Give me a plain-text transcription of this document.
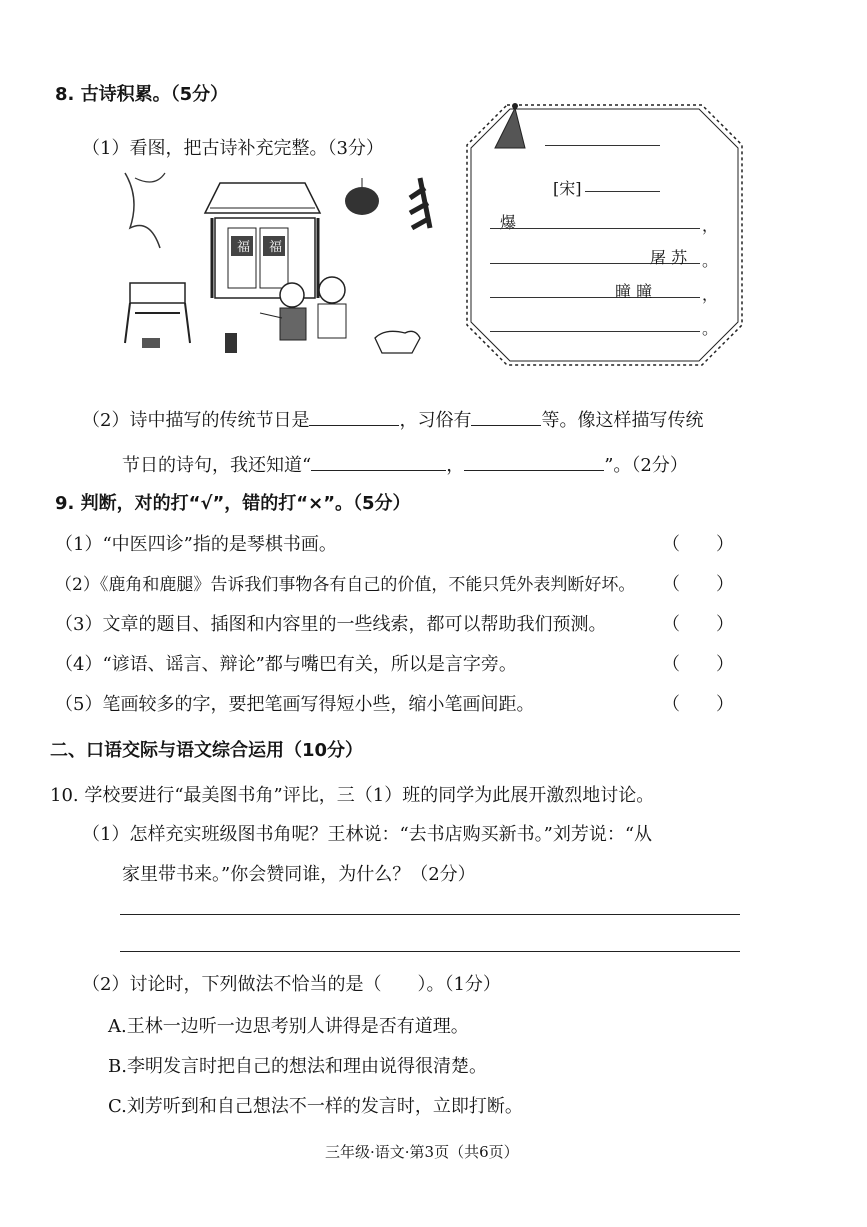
8. 古诗积累。（5分）
（1）看图，把古诗补充完整。（3分）
福 福
[宋]
爆	，
屠 苏 。
曈 曈	，
。
（2）诗中描写的传统节日是	，习俗有	等。像这样描写传统
节日的诗句，我还知道“	，	”。（2分）
9. 判断，对的打“√”，错的打“×”。（5分）
（1）“中医四诊”指的是琴棋书画。	（　　）
（2）《鹿角和鹿腿》告诉我们事物各有自己的价值，不能只凭外表判断好坏。 （　　）
（3）文章的题目、插图和内容里的一些线索，都可以帮助我们预测。	（　　）
（4）“谚语、谣言、辩论”都与嘴巴有关，所以是言字旁。	（　　）
（5）笔画较多的字，要把笔画写得短小些，缩小笔画间距。	（　　）
二、口语交际与语文综合运用（10分）
10. 学校要进行“最美图书角”评比，三（1）班的同学为此展开激烈地讨论。
（1）怎样充实班级图书角呢？王林说：“去书店购买新书。”刘芳说：“从
家里带书来。”你会赞同谁，为什么？（2分）
（2）讨论时，下列做法不恰当的是（　　）。（1分）
A.王林一边听一边思考别人讲得是否有道理。
B.李明发言时把自己的想法和理由说得很清楚。
C.刘芳听到和自己想法不一样的发言时，立即打断。
三年级·语文·第3页（共6页）
